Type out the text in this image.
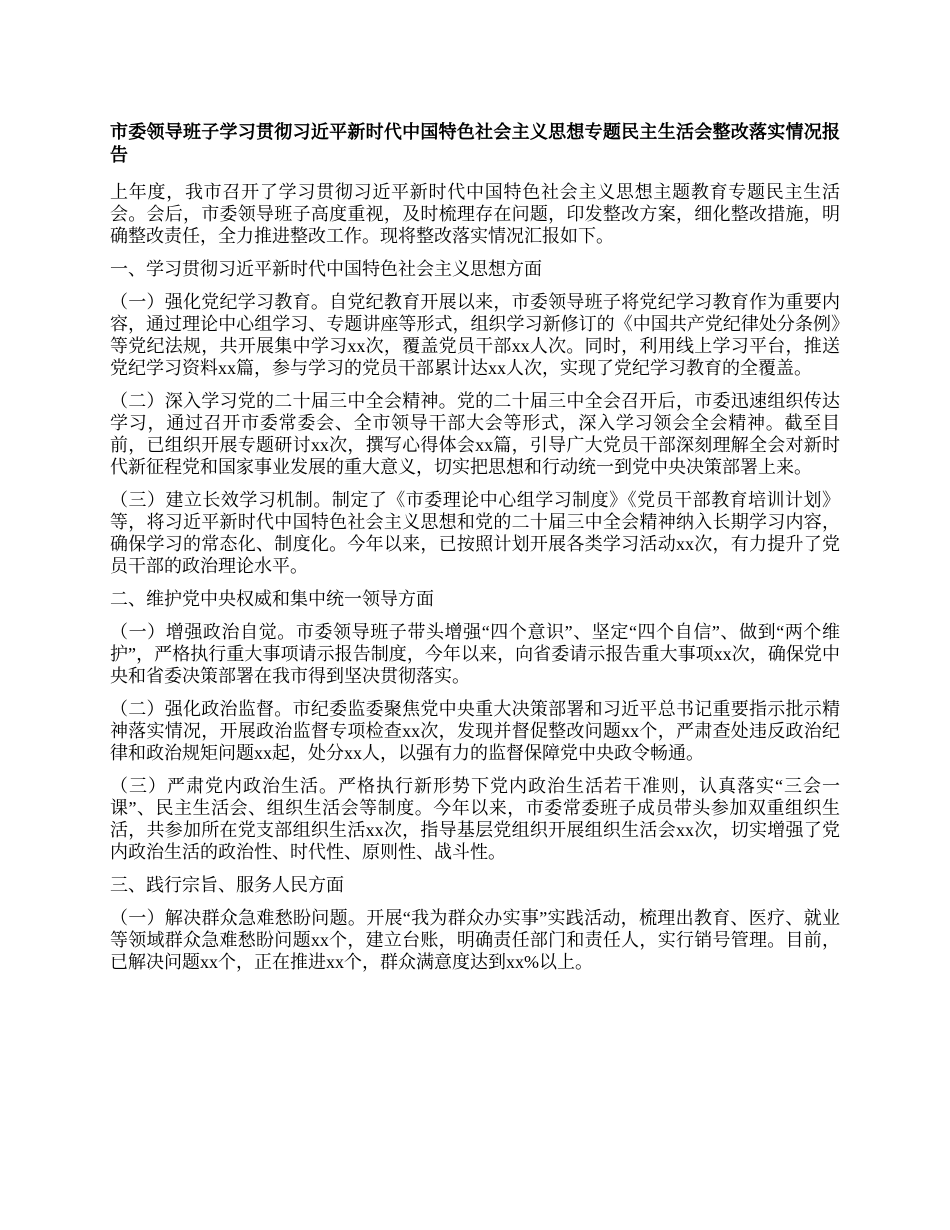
市委领导班子学习贯彻习近平新时代中国特色社会主义思想专题民主生活会整改落实情况报告

上年度，我市召开了学习贯彻习近平新时代中国特色社会主义思想主题教育专题民主生活会。会后，市委领导班子高度重视，及时梳理存在问题，印发整改方案，细化整改措施，明确整改责任，全力推进整改工作。现将整改落实情况汇报如下。

一、学习贯彻习近平新时代中国特色社会主义思想方面

（一）强化党纪学习教育。自党纪教育开展以来，市委领导班子将党纪学习教育作为重要内容，通过理论中心组学习、专题讲座等形式，组织学习新修订的《中国共产党纪律处分条例》等党纪法规，共开展集中学习xx次，覆盖党员干部xx人次。同时，利用线上学习平台，推送党纪学习资料xx篇，参与学习的党员干部累计达xx人次，实现了党纪学习教育的全覆盖。

（二）深入学习党的二十届三中全会精神。党的二十届三中全会召开后，市委迅速组织传达学习，通过召开市委常委会、全市领导干部大会等形式，深入学习领会全会精神。截至目前，已组织开展专题研讨xx次，撰写心得体会xx篇，引导广大党员干部深刻理解全会对新时代新征程党和国家事业发展的重大意义，切实把思想和行动统一到党中央决策部署上来。

（三）建立长效学习机制。制定了《市委理论中心组学习制度》《党员干部教育培训计划》等，将习近平新时代中国特色社会主义思想和党的二十届三中全会精神纳入长期学习内容，确保学习的常态化、制度化。今年以来，已按照计划开展各类学习活动xx次，有力提升了党员干部的政治理论水平。

二、维护党中央权威和集中统一领导方面

（一）增强政治自觉。市委领导班子带头增强“四个意识”、坚定“四个自信”、做到“两个维护”，严格执行重大事项请示报告制度，今年以来，向省委请示报告重大事项xx次，确保党中央和省委决策部署在我市得到坚决贯彻落实。

（二）强化政治监督。市纪委监委聚焦党中央重大决策部署和习近平总书记重要指示批示精神落实情况，开展政治监督专项检查xx次，发现并督促整改问题xx个，严肃查处违反政治纪律和政治规矩问题xx起，处分xx人，以强有力的监督保障党中央政令畅通。

（三）严肃党内政治生活。严格执行新形势下党内政治生活若干准则，认真落实“三会一课”、民主生活会、组织生活会等制度。今年以来，市委常委班子成员带头参加双重组织生活，共参加所在党支部组织生活xx次，指导基层党组织开展组织生活会xx次，切实增强了党内政治生活的政治性、时代性、原则性、战斗性。

三、践行宗旨、服务人民方面

（一）解决群众急难愁盼问题。开展“我为群众办实事”实践活动，梳理出教育、医疗、就业等领域群众急难愁盼问题xx个，建立台账，明确责任部门和责任人，实行销号管理。目前，已解决问题xx个，正在推进xx个，群众满意度达到xx%以上。
